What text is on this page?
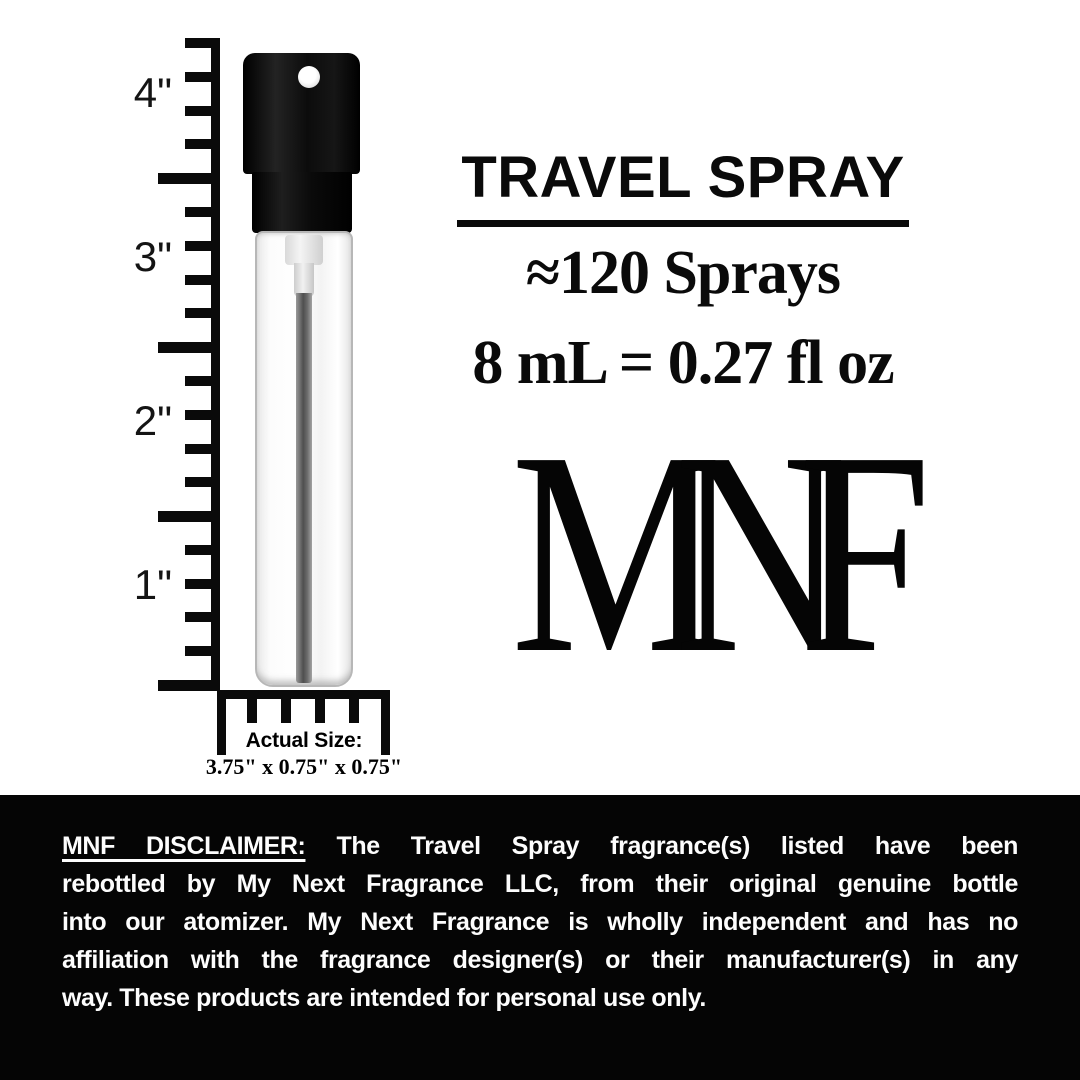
4"
3"
2"
1"
Actual Size:
3.75" x 0.75" x 0.75"
TRAVEL SPRAY
≈120 Sprays
8 mL = 0.27 fl oz
MNF
MNF DISCLAIMER: The Travel Spray fragrance(s) listed have been
rebottled by My Next Fragrance LLC, from their original genuine bottle
into our atomizer. My Next Fragrance is wholly independent and has no
affiliation with the fragrance designer(s) or their manufacturer(s) in any
way. These products are intended for personal use only.
